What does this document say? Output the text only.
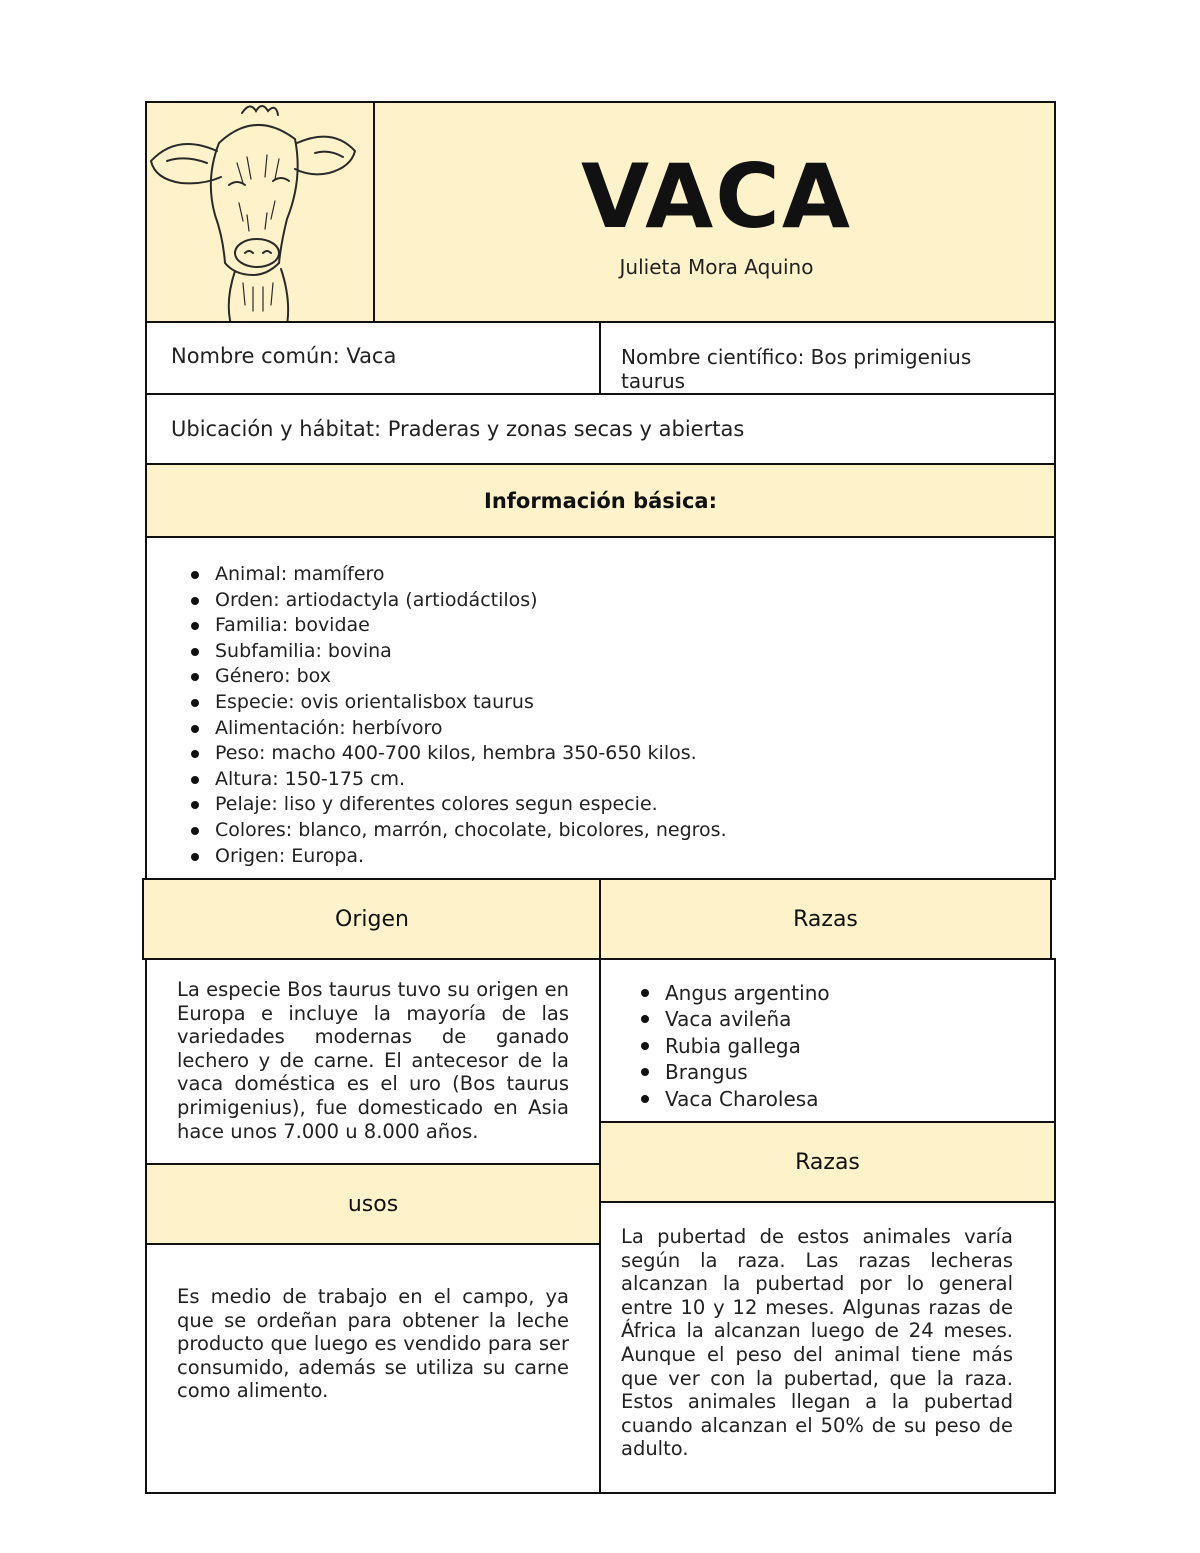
VACA
Julieta Mora Aquino
Nombre común: Vaca	Nombre científico: Bos primigenius taurus
Ubicación y hábitat: Praderas y zonas secas y abiertas
Información básica:
Animal: mamífero
Orden: artiodactyla (artiodáctilos)
Familia: bovidae
Subfamilia: bovina
Género: box
Especie: ovis orientalisbox taurus
Alimentación: herbívoro
Peso: macho 400-700 kilos, hembra 350-650 kilos.
Altura: 150-175 cm.
Pelaje: liso y diferentes colores segun especie.
Colores: blanco, marrón, chocolate, bicolores, negros.
Origen: Europa.
Origen	Razas

La especie Bos taurus tuvo su origen en Europa e incluye la mayoría de las variedades modernas de ganado lechero y de carne. El antecesor de la vaca doméstica es el uro (Bos taurus primigenius), fue domesticado en Asia hace unos 7.000 u 8.000 años.

Angus argentino
Vaca avileña
Rubia gallega
Brangus
Vaca Charolesa
usos
Razas

Es medio de trabajo en el campo, ya que se ordeñan para obtener la leche producto que luego es vendido para ser consumido, además se utiliza su carne como alimento.

La pubertad de estos animales varía según la raza. Las razas lecheras alcanzan la pubertad por lo general entre 10 y 12 meses. Algunas razas de África la alcanzan luego de 24 meses. Aunque el peso del animal tiene más que ver con la pubertad, que la raza. Estos animales llegan a la pubertad cuando alcanzan el 50% de su peso de adulto.
